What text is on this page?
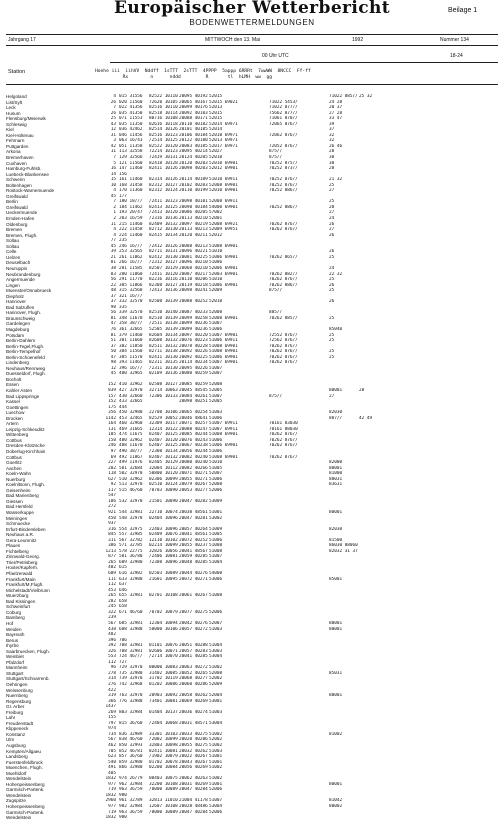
Europäischer Wetterbericht	Beilage 1
BODENWETTERMELDUNGEN
Jahrgang 17	MITTWOCH den 13. Mai	1992	Nummer 134
00 Uhr UTC	18-24
Station	Hoehe iii  iihVV  Nddff  1sTTT  2sTTT  4PPPP  5appp 6RRRt  7wwWW  8NCCC  Ff-ff
Rx        n      nddd         R       tl  hLMH  ww  gg
Helgoland	4 015 31556	82522 10110 20095 40192 52015	71022 885// 25 32
List/Sylt	26 020 11560	72620 10105 20065 40167 52015 69021	71022 5453/	24 28
Leck	7 022 41356	82516 10110 20099 40176 52013	71022 877//	20 37
Husum	26 035 41350	82518 10114 20092 40183 52015	75662 877//	27 28
Flensburg/Meierwik	25 071 11553	80716 10108 20088 40171 52015	71061 870//	33 47
Schleswig	43 035 11350	82616 10118 20110 40182 52014 69971	72065 876//	39
Kiel	12 036 42462	82514 10126 20101 40185 52014	37
Kiel-Holtenau	31 046 11456	82516 10123 20106 40184 52010 69971	72062 876//	32
Fehmarn	3 063 16/43	/2514 10125 20122 40180 52013 69971	32
Puttgarden	42 051 11358	82522 10120 20083 40185 52017 69971	72052 876//	26 46
Arkona	11 113 32558	72214 10123 20095 40214 52027	875//	28
Bremerhaven	7 129 32566	72419 10131 20124 40205 52010	875//	30
Cuxhaven	5 121 11560	82418 10128 20120 40203 52010 69901	70252 875//	30
Hamburg-Fuhlsb.	16 147 11460	82411 10126 20098 40203 52012 69901	70252 873//	28
Luebeck-Blankensee	14 156
Schwerin	15 161 11460	82314 10126 20114 40189 51010 69911	70252 876//	21 32
Boltenhagen	10 168 31458	82312 10127 20102 40203 52008 69901	70252 876//	25
Rostock-Warnemuende	4 170 11360	82312 10124 20110 40199 52010 69901	70252 886//	27
Greifswald	45 177
Berlin	7 180 18///	/2411 10123 20098 40181 52008 69911	25
Greifswald	2 184 11462	82413 10125 20090 40184 54000 69901	70252 886//	28
Ueckermuende	1 193 20/47	/2413 10120 20086 40205 57002	27
Emden-Hafen	2 203 16/59	/2316 10136 20113 40210 52001	24
Oldenburg	11 215 11460	82409 10132 20097 40219 52008 69921	70262 876//	26
Bremen	4 222 11458	82712 10130 20113 40213 52009 69951	70262 876//	27
Bremen, Flugh.	4 224 11460	82415 10134 20120 40211 52012	26
Soltau	77 235
Soltau	45 246 16///	/2412 10126 20088 40213 51008 69901
Celle	39 253 32565	82711 10131 20096 40221 51010	26
Uelzen	21 261 11862	82412 10130 20081 40225 51006 69901	70262 865//	25
Deuselbach	81 266 16///	/2312 10127 20096 40210 51006
Neuruppin	38 281 11585	82507 10129 20068 40210 52006 69901	24
Neubrandenburg	83 280 11860	72411 10120 20087 40217 52003 69901	70262 882//	22 32
Angermuende	56 291 11770	82216 10116 20110 40206 51010	70262 876//	25
Lingen	22 305 11866	82308 10127 20119 40218 51006 69901	70262 886//	26
Muenster/Osnabrueck	48 315 32568	72413 10136 20098 40241 52009	875//	25
Diepholz	37 321 16///
Hannover	37 332 32570	82508 10139 20088 40252 52010	26
Bad Salzuflen	98 335
Hannover, Flugh.	56 339 32570	82510 10140 20087 40233 52008	885//
Braunschweig	81 348 11670	82510 10139 20099 40258 52008 69901	70262 885//	25
Gardelegen	47 358 38/7/	/2511 10138 20099 40236 51007
Magdeburg	76 361 32665	52505 10139 20099 40236 51006	85040
Potsdam	81 379 11460	82604 10134 20097 40220 51007 69901	72552 876//	25
Berlin-Dahlem	51 381 11660	82608 10132 20076 40223 51006 69911	72562 876//	25
Berlin-Tegel,Flugh.	37 382 11850	82511 10132 20078 40228 51008 69901	70262 876//
Berlin-Tempelhof	50 384 11560	82711 10138 20092 40226 51008 69901	70262 876//	25
Berlin-Schoenefeld	47 385 11570	82411 10130 20092 40225 51006 69901	70262 876//	25
Lindenberg	98 393 11465	82311 10135 20114 40234 51007 69901	70262 876//
Neuhaus/Rennweg	12 396 16///	/2311 10130 20095 40226 51007
Duesseldorf, Flugh.	45 400 32965	02109 10136 20080 40259 52007
Bocholt
Essen	152 410 32962	02508 10127 20085 40259 52008
Kahler Asten	839 427 32970	32714 10063 20045 48545 52005	80001	28
Bad Lippspringe	157 430 32660	72306 10133 20084 40261 51007	875//	27
Kassel	152 433 32665	20098 40251 52005
Goettingen	175 444
Luechow	356 450 32980	22708 10106 20065 40254 51003	82030
Brocken	1142 453 32465	82529 10052 20046 48641 51006	887//	42 49
Artern	164 460 32960	32309 10117 20071 40257 51007 69911	70161 83030
Leipzig-Schkeuditz	131 469 31665	12314 10122 20088 40247 51007 69911	70161 88030
Wittenberg	105 474 11675	82407 10125 20085 40244 51008 69901	70262 876//
Cottbus	150 480 32962	02407 10120 20076 40243 51006	70262 876//
Dresden-Klotzsche	246 488 11670	62407 10125 20067 40238 51006 69901	70262 876//
Doberlug-Kirchhain	97 490 38///	/2308 10134 20056 40244 51006
Cottbus	69 492 11867	82407 10132 20082 40240 51008 69901	70262 876//
Goerlitz	227 499 11976	82405 10129 20080 40240 51010	82000
Aachen	202 501 32684	32004 10112 20082 40266 51005	80001
Koeln-Wahn	118 502 32970	50800 10120 20071 40271 52007	81000
Nuerburg	627 510 32962	02306 10099 20055 40271 51006	88031
Koeln/Bonn, Flugh.	92 513 32970	02510 10124 20079 40267 52008	83631
Geisenheim	117 515 46/60	/0703 10090 20053 40277 52006
Bad Marienberg	547
Giessen	186 532 32970	21501 10090 20047 40282 53009
Bad Hersfeld	272
Wasserkuppe	921 544 32981	22710 10074 20038 48561 51001	80001
Meiningen	450 548 32978	02404 10096 20047 40281 53002
Schmuecke	937
Erfurt-Bindersleben	316 554 32975	22403 10096 20057 40264 51009	82030
Neuhaus a.R.	845 557 32985	02409 10076 20041 48561 51005
Gera-Leumnitz	311 567 32782	12110 10102 20072 40252 51006	81500
Plauen	386 571 32785	02214 10099 20055 40237 51008	86030 88060
Fichtelberg	1213 578 22775	32826 10056 20041 48567 51008	82032 31 37
Zinnwald-Georg.	877 581 36/80	/2406 10081 20059 40285 51007
Trier/Petrisberg	265 609 32980	72308 10096 20048 40285 51004
Hoxter/Kapferh.	482 615
Pfaelzerwald	609 616 32982	02503 10089 20044 40276 54000
Frankfurt/Main	111 633 32980	21601 10095 20072 40271 53006	85001
Frankfurt/M,Flugh.	112 637
Michelstadt/Vielbrunn	453 646
Wuerzburg	265 655 32981	02701 10108 20061 40267 51008
Bad Kissingen	282 658
Schweinfurt	245 658
Coburg	322 671 46/60	/0702 10079 20077 40275 52006
Bamberg	239
Hof	567 685 32981	12304 10094 20042 40276 52007	80001
Weiden	438 688 32980	50000 10106 20057 40272 51003	80001
Bayreuth	482
Berus	396 706
Ihyrbe	392 708 32981	01101 10076 20051 40288 51004
Saarbruecken, Flugh.	326 708 32981	02606 10071 20057 40283 53003
Weinbiet	553 724 46///	/2714 10070 20041 40285 53004
Pfalzdorf	112 727
Mannheim	96 729 32970	00000 10083 20063 40272 51002
Stuttgart	278 735 32980	31402 10085 20052 40265 52008	85031
Stuttgart/Schnarrenb.	314 739 32970	31702 10119 20068 40277 52002
Oehringen	276 742 32968	01202 10086 20060 40286 52009
Weissenburg	422
Nuernberg	319 763 32970	20903 10092 20058 40262 52004	80001
Regensburg	366 776 32980	73401 10081 20069 40269 53001
Gr. Arber	1437
Freiburg	269 803 32984	01404 10137 20036 40274 51003
Lahr	155
Freudenstadt	797 815 36/60	/2404 10068 20031 48571 53004
Klippeneck	974
Konstanz	734 836 32989	33301 10103 20033 40275 51002	81002
Ulm	567 838 46/60	/2002 10099 20028 40286 52002
Augsburg	462 850 32993	32803 10098 20055 40275 51002
Kempten/Allgaeu	705 852 46/81	82411 10081 20032 40262 51003
Landsberg	623 857 36/60	/1902 10079 20022 40267 51001
Fuerstenfeldbruck	540 859 32980	01702 10078 20043 40267 51001
Muenchen, Flugh.	491 866 32980	02200 10084 20056 40269 51002
Muehldorf	405
Wendelstein	1832 974 26/79	00403 10075 20062 40263 51002
Hohenpeissenberg	977 962 32984	32200 10108 20031 40269 51001	80001
Garmisch-Partenk.	719 963 36/59	/0000 10089 20047 40284 52006
Wendelstein	1832 980
Zugspitze	2960 961 32789	32813 11010 21004 41178 51007	81042
Hohenpeissenberg	977 982 32984	12607 10108 20028 48486 53004	80002
Garmisch-Partenk.	719 963 36/59	/0000 10089 20047 40284 52006
Wendelstein	1832 980
